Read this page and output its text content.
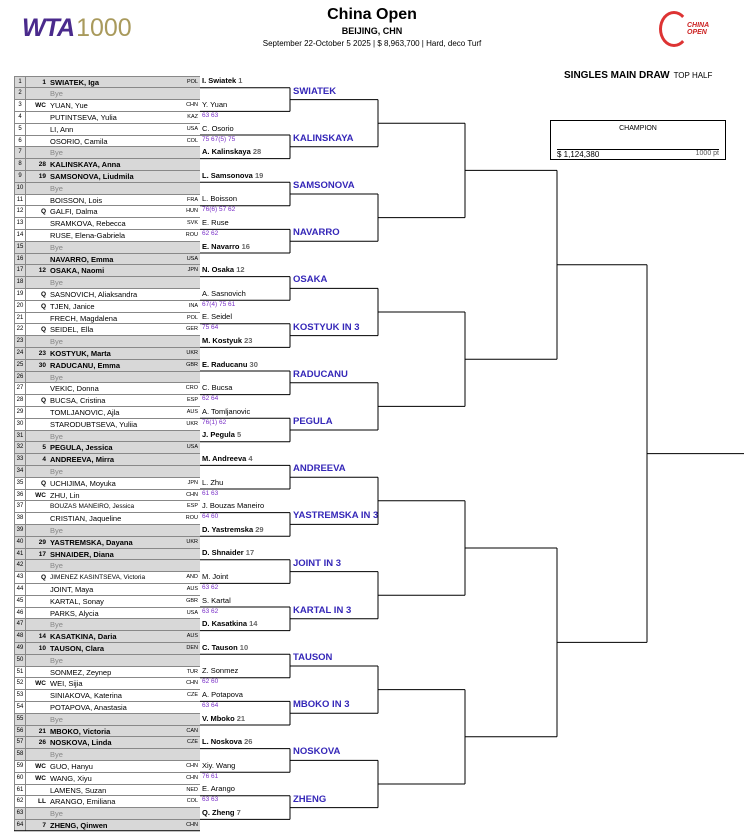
WTA1000	China Open
BEIJING, CHN
September 22-October 5 2025 | $ 8,963,700 | Hard, deco Turf
CHINA
OPEN
SINGLES MAIN DRAW TOP HALF
CHAMPION
$ 1,124,380	1000 pt
1	1 SWIATEK, Iga	POL
2	Bye
3	WC YUAN, Yue	CHN
4	PUTINTSEVA, Yulia	KAZ
5	LI, Ann	USA
6	OSORIO, Camila	COL
7	Bye
8	28 KALINSKAYA, Anna
9	19 SAMSONOVA, Liudmila
10	Bye
11	BOISSON, Lois	FRA
12	Q GALFI, Dalma	HUN
13	SRAMKOVA, Rebecca	SVK
14	RUSE, Elena-Gabriela	ROU
15	Bye
16	NAVARRO, Emma	USA
17	12 OSAKA, Naomi	JPN
18	Bye
19	Q SASNOVICH, Aliaksandra
20	Q TJEN, Janice	INA
21	FRECH, Magdalena	POL
22	Q SEIDEL, Ella	GER
23	Bye
24	23 KOSTYUK, Marta	UKR
25	30 RADUCANU, Emma	GBR
26	Bye
27	VEKIC, Donna	CRO
28	Q BUCSA, Cristina	ESP
29	TOMLJANOVIC, Ajla	AUS
30	STARODUBTSEVA, Yuliia	UKR
31	Bye
32	5 PEGULA, Jessica	USA
33	4 ANDREEVA, Mirra
34	Bye
35	Q UCHIJIMA, Moyuka	JPN
36	WC ZHU, Lin	CHN
37	BOUZAS MANEIRO, Jessica	ESP
38	CRISTIAN, Jaqueline	ROU
39	Bye
40	29 YASTREMSKA, Dayana	UKR
41	17 SHNAIDER, Diana
42	Bye
43	Q JIMENEZ KASINTSEVA, Victoria	AND
44	JOINT, Maya	AUS
45	KARTAL, Sonay	GBR
46	PARKS, Alycia	USA
47	Bye
48	14 KASATKINA, Daria	AUS
49	10 TAUSON, Clara	DEN
50	Bye
51	SONMEZ, Zeynep	TUR
52	WC WEI, Sijia	CHN
53	SINIAKOVA, Katerina	CZE
54	POTAPOVA, Anastasia
55	Bye
56	21 MBOKO, Victoria	CAN
57	26 NOSKOVA, Linda	CZE
58	Bye
59	WC GUO, Hanyu	CHN
60	WC WANG, Xiyu	CHN
61	LAMENS, Suzan	NED
62	LL ARANGO, Emiliana	COL
63	Bye
64	7 ZHENG, Qinwen	CHN
I. Swiatek 1
Y. Yuan
63 63
C. Osorio
75 67(5) 75
A. Kalinskaya 28
L. Samsonova 19
L. Boisson
76(6) 57 62
E. Ruse
62 62
E. Navarro 16
N. Osaka 12
A. Sasnovich
67(4) 75 61
E. Seidel
75 64
M. Kostyuk 23
E. Raducanu 30
C. Bucsa
62 64
A. Tomljanovic
76(1) 62
J. Pegula 5
M. Andreeva 4
L. Zhu
61 63
J. Bouzas Maneiro
64 60
D. Yastremska 29
D. Shnaider 17
M. Joint
63 62
S. Kartal
63 62
D. Kasatkina 14
C. Tauson 10
Z. Sonmez
62 60
A. Potapova
63 64
V. Mboko 21
L. Noskova 26
Xiy. Wang
76 61
E. Arango
63 63
Q. Zheng 7
SWIATEK
KALINSKAYA
SAMSONOVA
NAVARRO
OSAKA
KOSTYUK IN 3
RADUCANU
PEGULA
ANDREEVA
YASTREMSKA IN 3
JOINT IN 3
KARTAL IN 3
TAUSON
MBOKO IN 3
NOSKOVA
ZHENG
